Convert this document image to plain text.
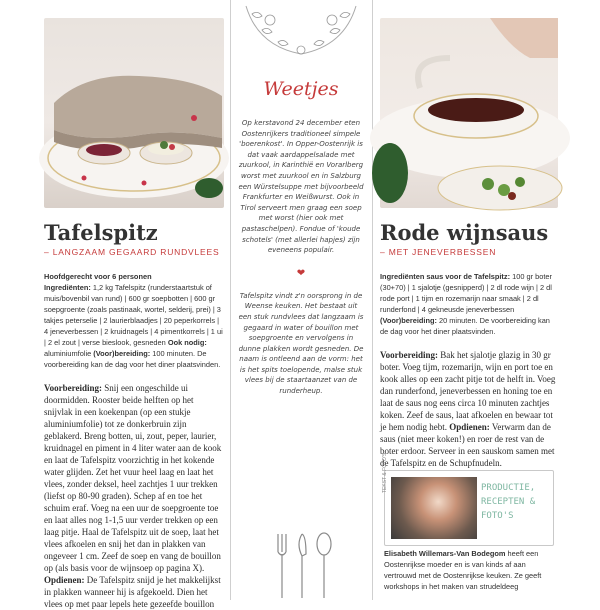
Tafelspitz
– LANGZAAM GEGAARD RUNDVLEES

Hoofdgerecht voor 6 personen

Ingrediënten: 1,2 kg Tafelspitz (runderstaartstuk of muis/bovenbil van rund) | 600 gr soepbotten | 600 gr soepgroente (zoals pastinaak, wortel, selderij, prei) | 3 takjes peterselie | 2 laurierblaadjes | 20 peperkorrels | 4 jeneverbessen | 2 kruidnagels | 4 pimentkorrels | 1 ui | 2 el zout | verse bieslook, gesneden Ook nodig: aluminiumfolie (Voor)bereiding: 100 minuten. De voorbereiding kan de dag voor het diner plaatsvinden.

Voorbereiding: Snij een ongeschilde ui doormidden. Rooster beide helften op het snijvlak in een koekenpan (op een stukje aluminiumfolie) tot ze donkerbruin zijn geblakerd. Breng botten, ui, zout, peper, laurier, kruidnagel en piment in 4 liter water aan de kook en laat de Tafelspitz voorzichtig in het kokende water glijden. Zet het vuur heel laag en laat het vlees, zonder deksel, heel zachtjes 1 uur trekken (liefst op 80-90 graden). Schep af en toe het schuim eraf. Voeg na een uur de soepgroente toe en laat alles nog 1-1,5 uur verder trekken op een laag pitje. Haal de Tafelspitz uit de soep, laat het vlees afkoelen en snij het dan in plakken van ongeveer 1 cm. Zeef de soep en vang de bouillon op (als basis voor de wijnsoep op pagina X).
Opdienen: De Tafelspitz snijd je het makkelijkst in plakken wanneer hij is afgekoeld. Dien het vlees op met paar lepels hete gezeefde bouillon
Weetjes
Op kerstavond 24 december eten Oostenrijkers traditioneel simpele 'boerenkost'. In Opper-Oostenrijk is dat vaak aardappelsalade met zuurkool, in Karinthië en Vorarlberg worst met zuurkool en in Salzburg een Würstelsuppe met bijvoorbeeld Frankfurter en Weißwurst. Ook in Tirol serveert men graag een soep met worst (hier ook met pastaschelpen). Fondue of 'koude schotels' (met allerlei hapjes) zijn eveneens populair.
❤
Tafelspitz vindt z'n oorsprong in de Weense keuken. Het bestaat uit een stuk rundvlees dat langzaam is gegaard in water of bouillon met soepgroente en vervolgens in dunne plakken wordt gesneden. De naam is ontleend aan de vorm: het is het spits toelopende, malse stuk vlees bij de staartaanzet van de runderheup.
Rode wijnsaus
– MET JENEVERBESSEN

Ingrediënten saus voor de Tafelspitz: 100 gr boter (30+70) | 1 sjalotje (gesnipperd) | 2 dl rode wijn | 2 dl rode port | 1 tijm en rozemarijn naar smaak | 2 dl runderfond | 4 gekneusde jeneverbessen (Voor)bereiding: 20 minuten. De voorbereiding kan de dag voor het diner plaatsvinden.

Voorbereiding: Bak het sjalotje glazig in 30 gr boter. Voeg tijm, rozemarijn, wijn en port toe en kook alles op een zacht pitje tot de helft in. Voeg dan runderfond, jeneverbessen en honing toe en laat de saus nog eens circa 10 minuten zachtjes koken. Zeef de saus, laat afkoelen en bewaar tot je hem nodig hebt. Opdienen: Verwarm dan de saus (niet meer koken!) en roer de rest van de boter erdoor. Serveer in een sauskom samen met de Tafelspitz en de Schupfnudeln.
TEKST & FOTO'S	PRODUCTIE, RECEPTEN & FOTO'S
Elisabeth Willemars-Van Bodegom heeft een Oostenrijkse moeder en is van kinds af aan vertrouwd met de Oostenrijkse keuken. Ze geeft workshops in het maken van strudeldeeg
